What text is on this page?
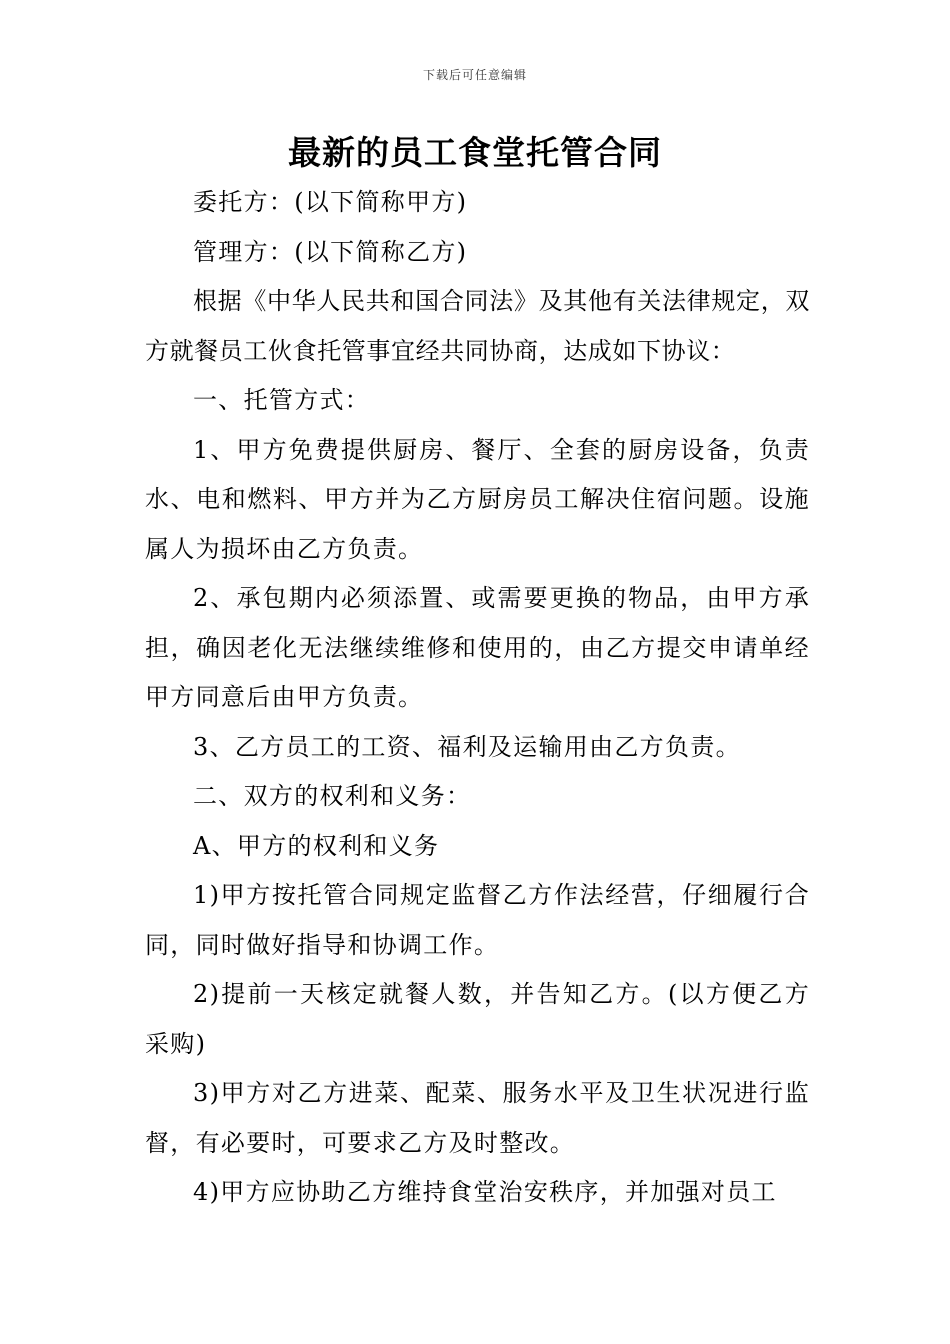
下载后可任意编辑
最新的员工食堂托管合同

委托方：(以下简称甲方)

管理方：(以下简称乙方)

根据《中华人民共和国合同法》及其他有关法律规定，双方就餐员工伙食托管事宜经共同协商，达成如下协议：

一、托管方式：

1、甲方免费提供厨房、餐厅、全套的厨房设备，负责水、电和燃料、甲方并为乙方厨房员工解决住宿问题。设施属人为损坏由乙方负责。

2、承包期内必须添置、或需要更换的物品，由甲方承担，确因老化无法继续维修和使用的，由乙方提交申请单经甲方同意后由甲方负责。

3、乙方员工的工资、福利及运输用由乙方负责。

二、双方的权利和义务：

A、甲方的权利和义务

1)甲方按托管合同规定监督乙方作法经营，仔细履行合同，同时做好指导和协调工作。

2)提前一天核定就餐人数，并告知乙方。(以方便乙方采购)

3)甲方对乙方进菜、配菜、服务水平及卫生状况进行监督，有必要时，可要求乙方及时整改。

4)甲方应协助乙方维持食堂治安秩序，并加强对员工
